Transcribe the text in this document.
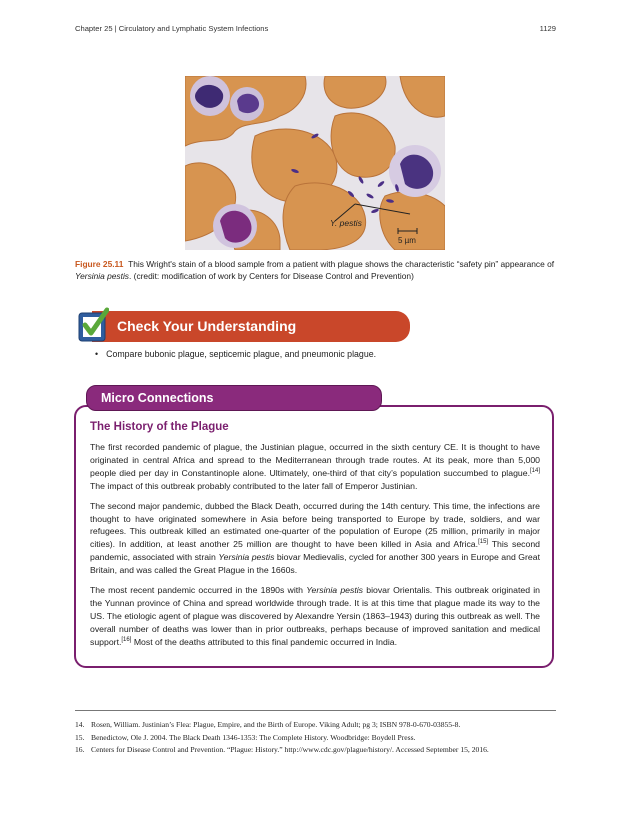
Chapter 25 | Circulatory and Lymphatic System Infections	1129
Y. pestis
5 µm
Figure 25.11 This Wright's stain of a blood sample from a patient with plague shows the characteristic “safety pin” appearance of Yersinia pestis. (credit: modification of work by Centers for Disease Control and Prevention)
Check Your Understanding
• Compare bubonic plague, septicemic plague, and pneumonic plague.
Micro Connections
The History of the Plague

The first recorded pandemic of plague, the Justinian plague, occurred in the sixth century CE. It is thought to have originated in central Africa and spread to the Mediterranean through trade routes. At its peak, more than 5,000 people died per day in Constantinople alone. Ultimately, one-third of that city’s population succumbed to plague.[14] The impact of this outbreak probably contributed to the later fall of Emperor Justinian.

The second major pandemic, dubbed the Black Death, occurred during the 14th century. This time, the infections are thought to have originated somewhere in Asia before being transported to Europe by trade, soldiers, and war refugees. This outbreak killed an estimated one-quarter of the population of Europe (25 million, primarily in major cities). In addition, at least another 25 million are thought to have been killed in Asia and Africa.[15] This second pandemic, associated with strain Yersinia pestis biovar Medievalis, cycled for another 300 years in Europe and Great Britain, and was called the Great Plague in the 1660s.

The most recent pandemic occurred in the 1890s with Yersinia pestis biovar Orientalis. This outbreak originated in the Yunnan province of China and spread worldwide through trade. It is at this time that plague made its way to the US. The etiologic agent of plague was discovered by Alexandre Yersin (1863–1943) during this outbreak as well. The overall number of deaths was lower than in prior outbreaks, perhaps because of improved sanitation and medical support.[16] Most of the deaths attributed to this final pandemic occurred in India.

14. Rosen, William. Justinian’s Flea: Plague, Empire, and the Birth of Europe. Viking Adult; pg 3; ISBN 978-0-670-03855-8.
15. Benedictow, Ole J. 2004. The Black Death 1346-1353: The Complete History. Woodbridge: Boydell Press.
16. Centers for Disease Control and Prevention. “Plague: History.” http://www.cdc.gov/plague/history/. Accessed September 15, 2016.
